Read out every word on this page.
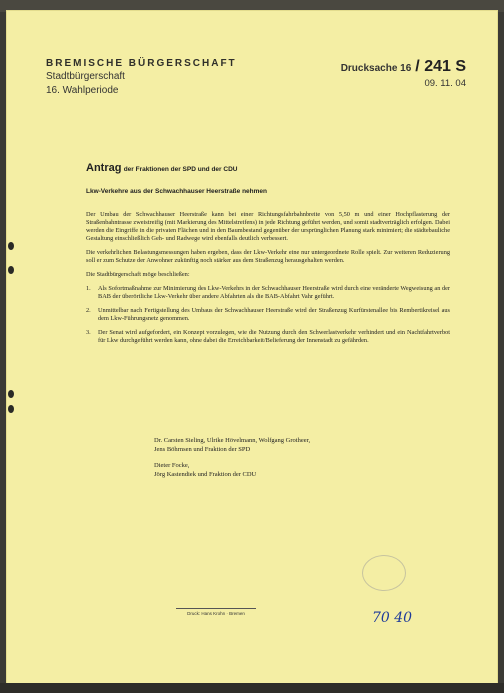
BREMISCHE BÜRGERSCHAFT
Stadtbürgerschaft
16. Wahlperiode
Drucksache 16 / 241 S
09. 11. 04
Antrag der Fraktionen der SPD und der CDU
Lkw-Verkehre aus der Schwachhauser Heerstraße nehmen

Der Umbau der Schwachhauser Heerstraße kann bei einer Richtungsfahrbahnbreite von 5,50 m und einer Hochpflasterung der Straßenbahntrasse zweistreifig (mit Markierung des Mittelstreifens) in jede Richtung geführt werden, und somit stadtverträglich erfolgen. Dabei werden die Eingriffe in die privaten Flächen und in den Baumbestand gegenüber der ursprünglichen Planung stark minimiert; die städtebauliche Gestaltung einschließlich Geh- und Radwege wird ebenfalls deutlich verbessert.

Die verkehrlichen Belastungsmessungen haben ergeben, dass der Lkw-Verkehr eine nur untergeordnete Rolle spielt. Zur weiteren Reduzierung soll er zum Schutze der Anwohner zukünftig noch stärker aus dem Straßenzug herausgehalten werden.

Die Stadtbürgerschaft möge beschließen:

1.	Als Sofortmaßnahme zur Minimierung des Lkw-Verkehrs in der Schwachhauser Heerstraße wird durch eine veränderte Wegweisung an der BAB der überörtliche Lkw-Verkehr über andere Abfahrten als die BAB-Abfahrt Vahr geführt.
2.	Unmittelbar nach Fertigstellung des Umbaus der Schwachhauser Heerstraße wird der Straßenzug Kurfürstenallee bis Rembertikreisel aus dem Lkw-Führungsnetz genommen.
3.	Der Senat wird aufgefordert, ein Konzept vorzulegen, wie die Nutzung durch den Schwerlastverkehr verhindert und ein Nachtfahrtverbot für Lkw durchgeführt werden kann, ohne dabei die Erreichbarkeit/Belieferung der Innenstadt zu gefährden.
Dr. Carsten Sieling, Ulrike Hövelmann, Wolfgang Grotheer,
Jens Böhrnsen und Fraktion der SPD
Dieter Focke,
Jörg Kastendiek und Fraktion der CDU
Druck: Hans Krohn · Bremen	70 40
